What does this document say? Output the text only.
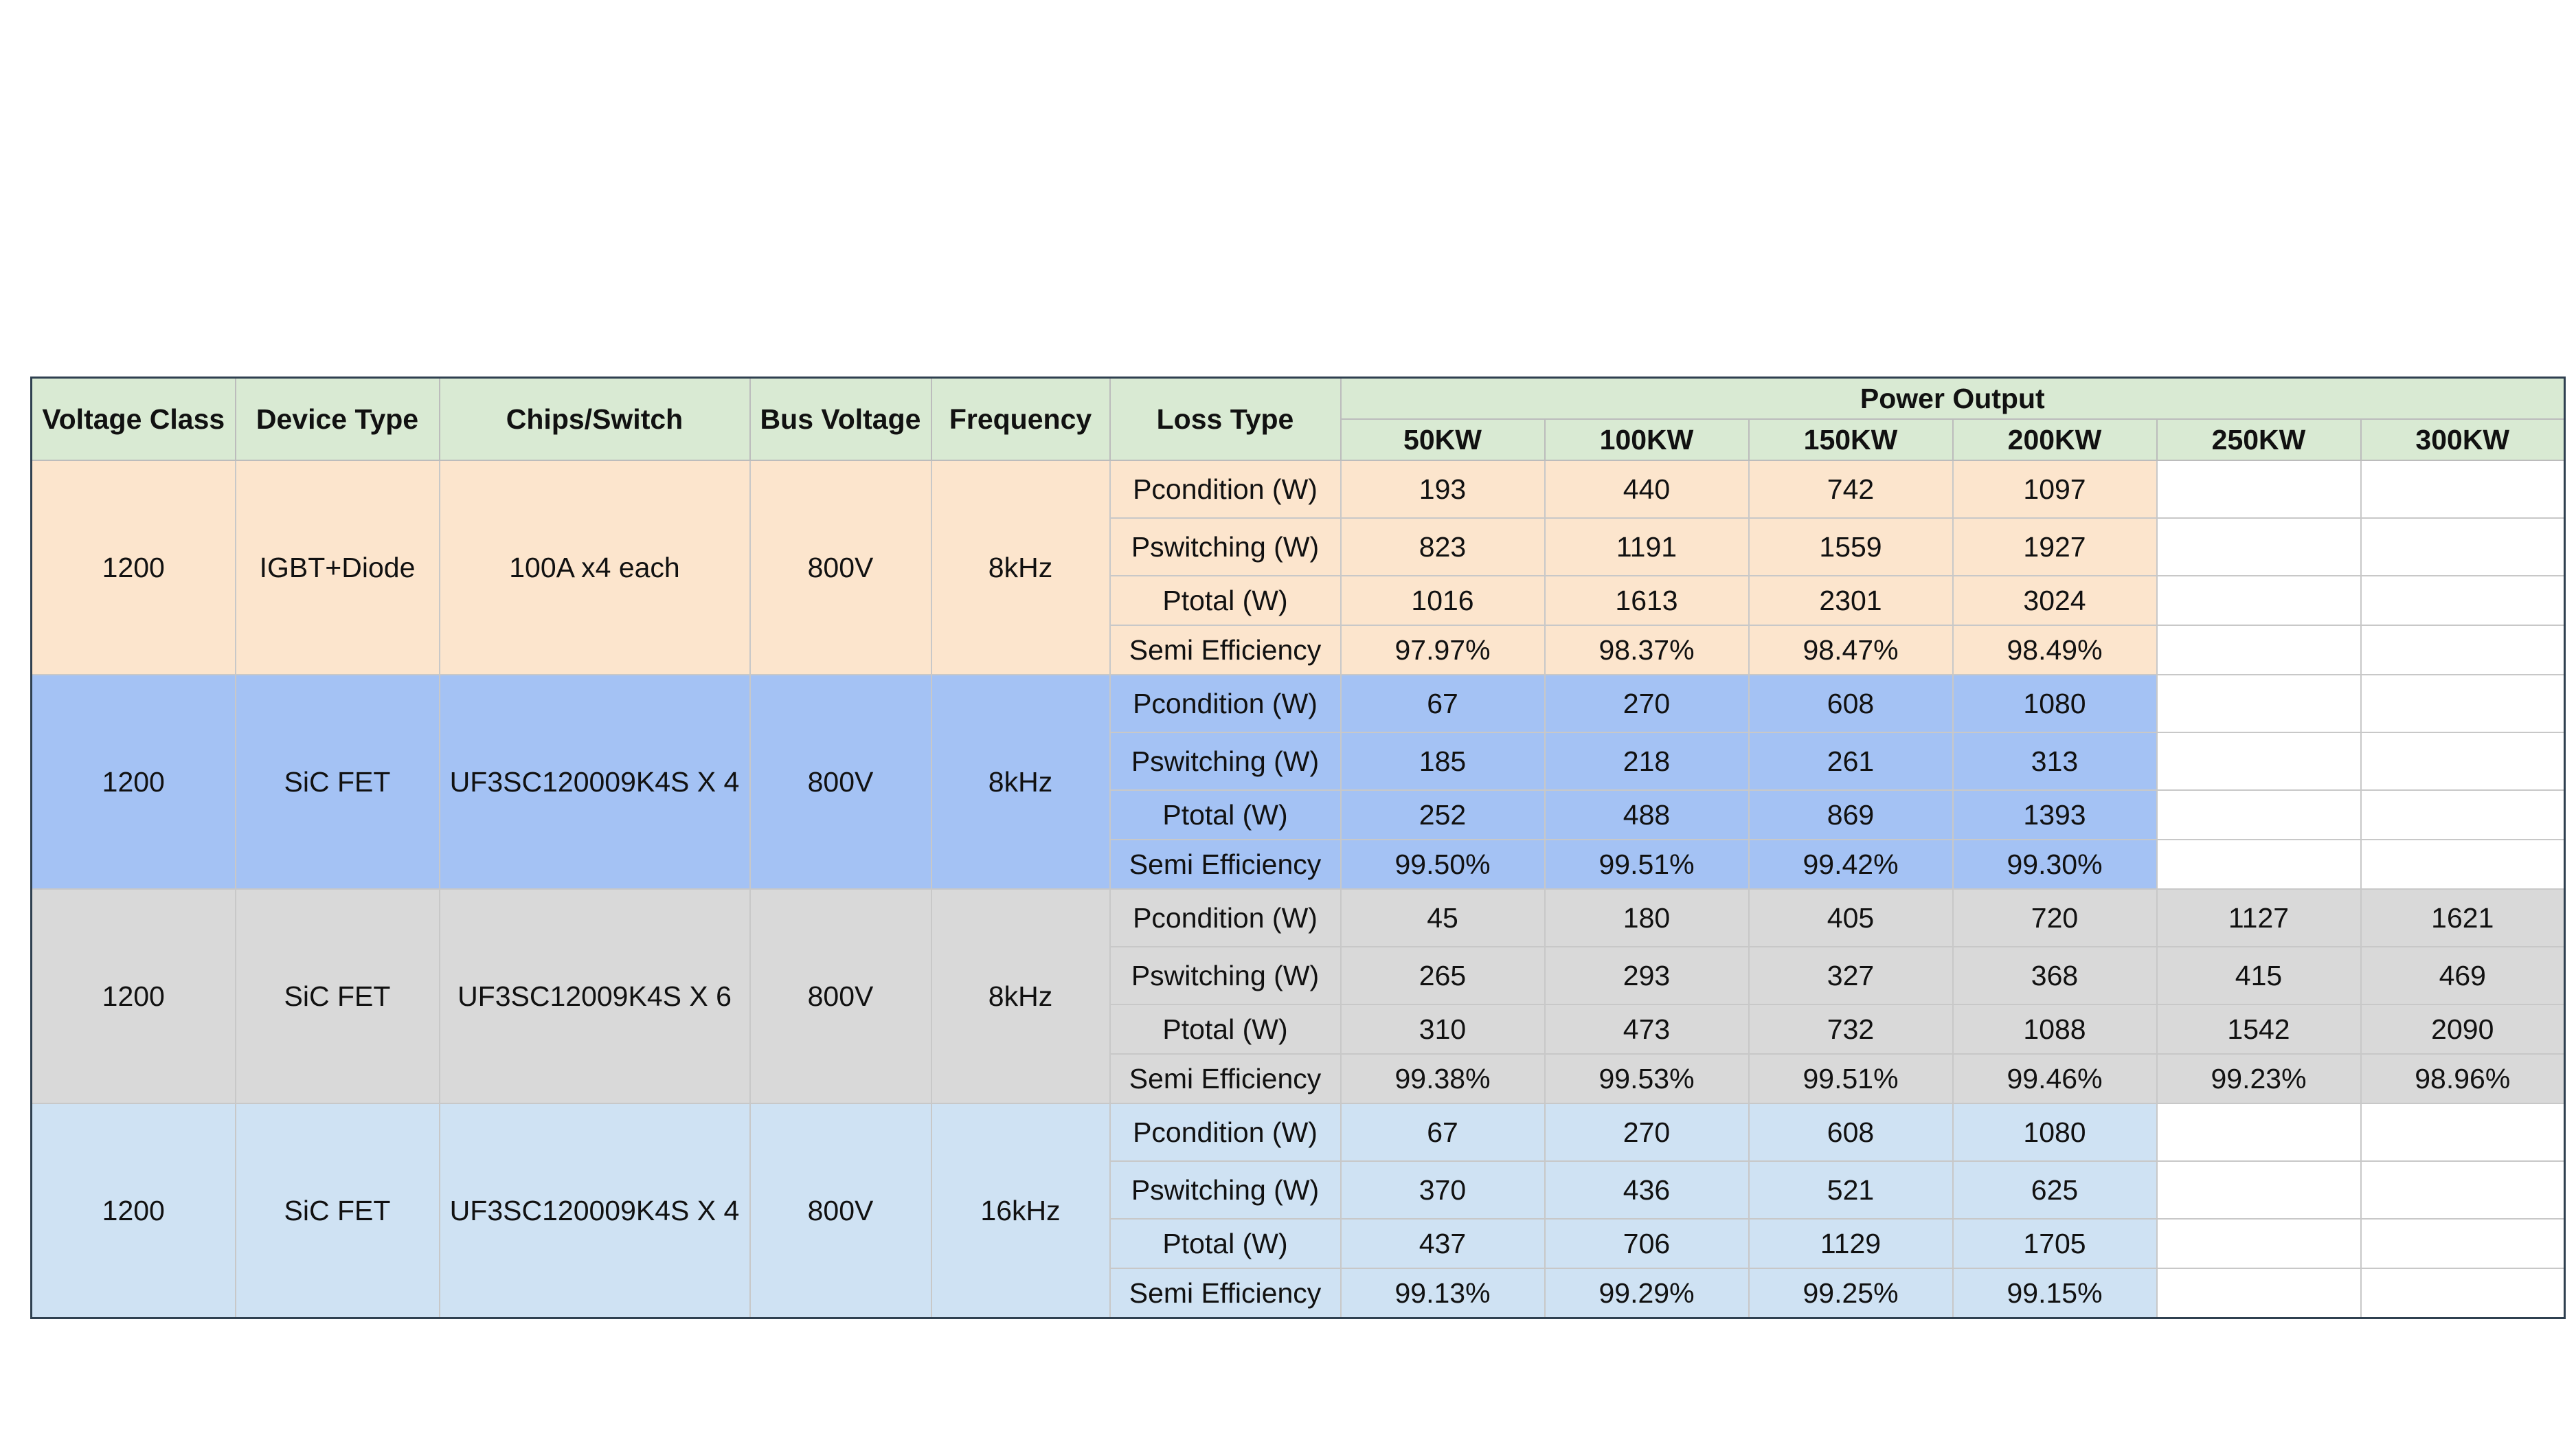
Voltage Class	Device Type	Chips/Switch	Bus Voltage	Frequency	Loss Type	Power Output					
						50KW	100KW	150KW	200KW	250KW	300KW
1200	IGBT+Diode	100A x4 each	800V	8kHz	Pcondition (W)	193	440	742	1097		
					Pswitching (W)	823	1191	1559	1927		
					Ptotal (W)	1016	1613	2301	3024		
					Semi Efficiency	97.97%	98.37%	98.47%	98.49%		
1200	SiC FET	UF3SC120009K4S X 4	800V	8kHz	Pcondition (W)	67	270	608	1080		
					Pswitching (W)	185	218	261	313		
					Ptotal (W)	252	488	869	1393		
					Semi Efficiency	99.50%	99.51%	99.42%	99.30%		
1200	SiC FET	UF3SC12009K4S X 6	800V	8kHz	Pcondition (W)	45	180	405	720	1127	1621
					Pswitching (W)	265	293	327	368	415	469
					Ptotal (W)	310	473	732	1088	1542	2090
					Semi Efficiency	99.38%	99.53%	99.51%	99.46%	99.23%	98.96%
1200	SiC FET	UF3SC120009K4S X 4	800V	16kHz	Pcondition (W)	67	270	608	1080		
					Pswitching (W)	370	436	521	625		
					Ptotal (W)	437	706	1129	1705		
					Semi Efficiency	99.13%	99.29%	99.25%	99.15%		
